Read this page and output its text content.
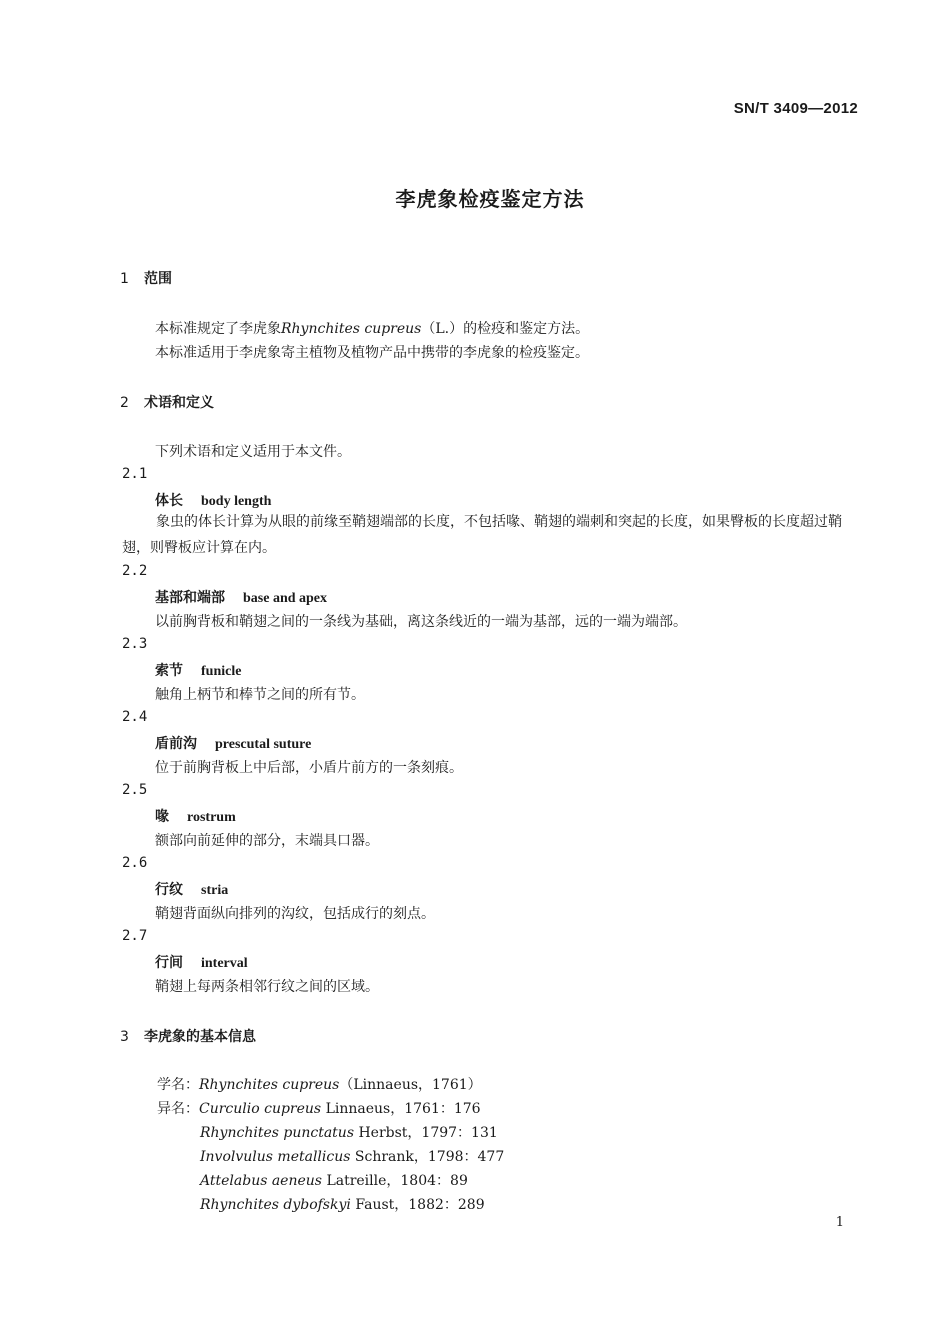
SN/T 3409—2012
李虎象检疫鉴定方法
1 范围
本标准规定了李虎象Rhynchites cupreus（L.）的检疫和鉴定方法。
本标准适用于李虎象寄主植物及植物产品中携带的李虎象的检疫鉴定。
2 术语和定义
下列术语和定义适用于本文件。
2.1
体长 body length
象虫的体长计算为从眼的前缘至鞘翅端部的长度，不包括喙、鞘翅的端刺和突起的长度，如果臀板的长度超过鞘翅，则臀板应计算在内。
2.2
基部和端部 base and apex
以前胸背板和鞘翅之间的一条线为基础，离这条线近的一端为基部，远的一端为端部。
2.3
索节 funicle
触角上柄节和棒节之间的所有节。
2.4
盾前沟 prescutal suture
位于前胸背板上中后部，小盾片前方的一条刻痕。
2.5
喙 rostrum
额部向前延伸的部分，末端具口器。
2.6
行纹 stria
鞘翅背面纵向排列的沟纹，包括成行的刻点。
2.7
行间 interval
鞘翅上每两条相邻行纹之间的区域。
3 李虎象的基本信息
学名：Rhynchites cupreus（Linnaeus，1761）
异名：Curculio cupreus Linnaeus，1761：176
Rhynchites punctatus Herbst，1797：131
Involvulus metallicus Schrank，1798：477
Attelabus aeneus Latreille，1804：89
Rhynchites dybofskyi Faust，1882：289
1
